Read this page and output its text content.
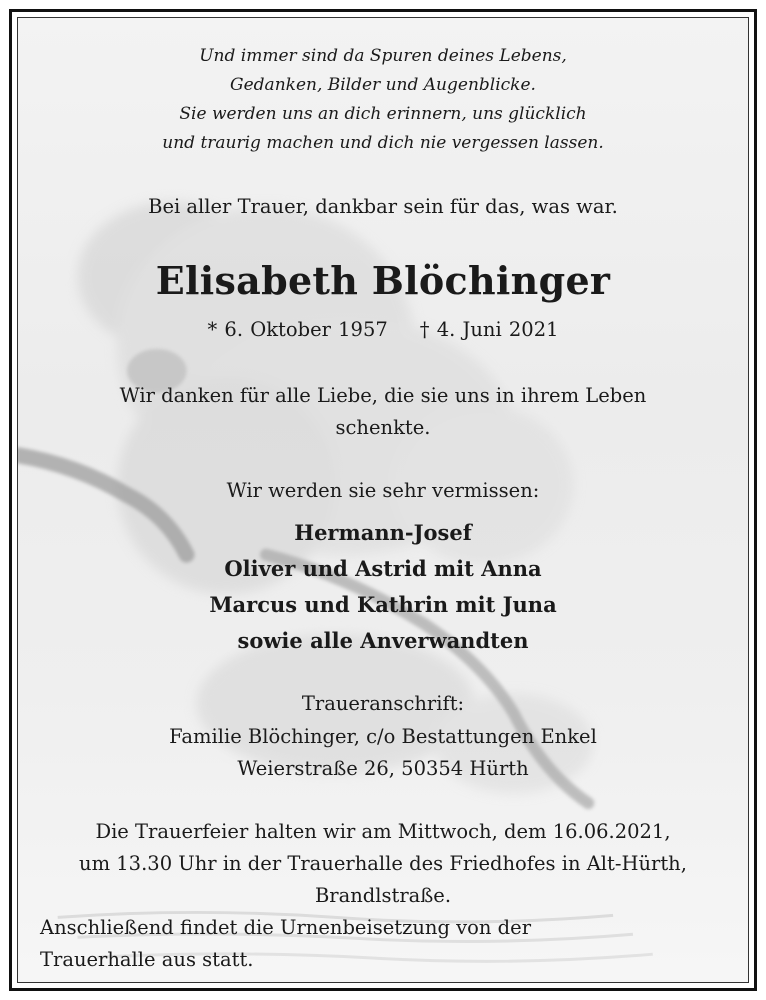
Und immer sind da Spuren deines Lebens,
Gedanken, Bilder und Augenblicke.
Sie werden uns an dich erinnern, uns glücklich
und traurig machen und dich nie vergessen lassen.
Bei aller Trauer, dankbar sein für das, was war.
Elisabeth Blöchinger
* 6. Oktober 1957 † 4. Juni 2021
Wir danken für alle Liebe, die sie uns in ihrem Leben
schenkte.
Wir werden sie sehr vermissen:
Hermann-Josef
Oliver und Astrid mit Anna
Marcus und Kathrin mit Juna
sowie alle Anverwandten
Traueranschrift:
Familie Blöchinger, c/o Bestattungen Enkel
Weierstraße 26, 50354 Hürth
Die Trauerfeier halten wir am Mittwoch, dem 16.06.2021,
um 13.30 Uhr in der Trauerhalle des Friedhofes in Alt-Hürth,
Brandlstraße.
Anschließend findet die Urnenbeisetzung von der
Trauerhalle aus statt.
